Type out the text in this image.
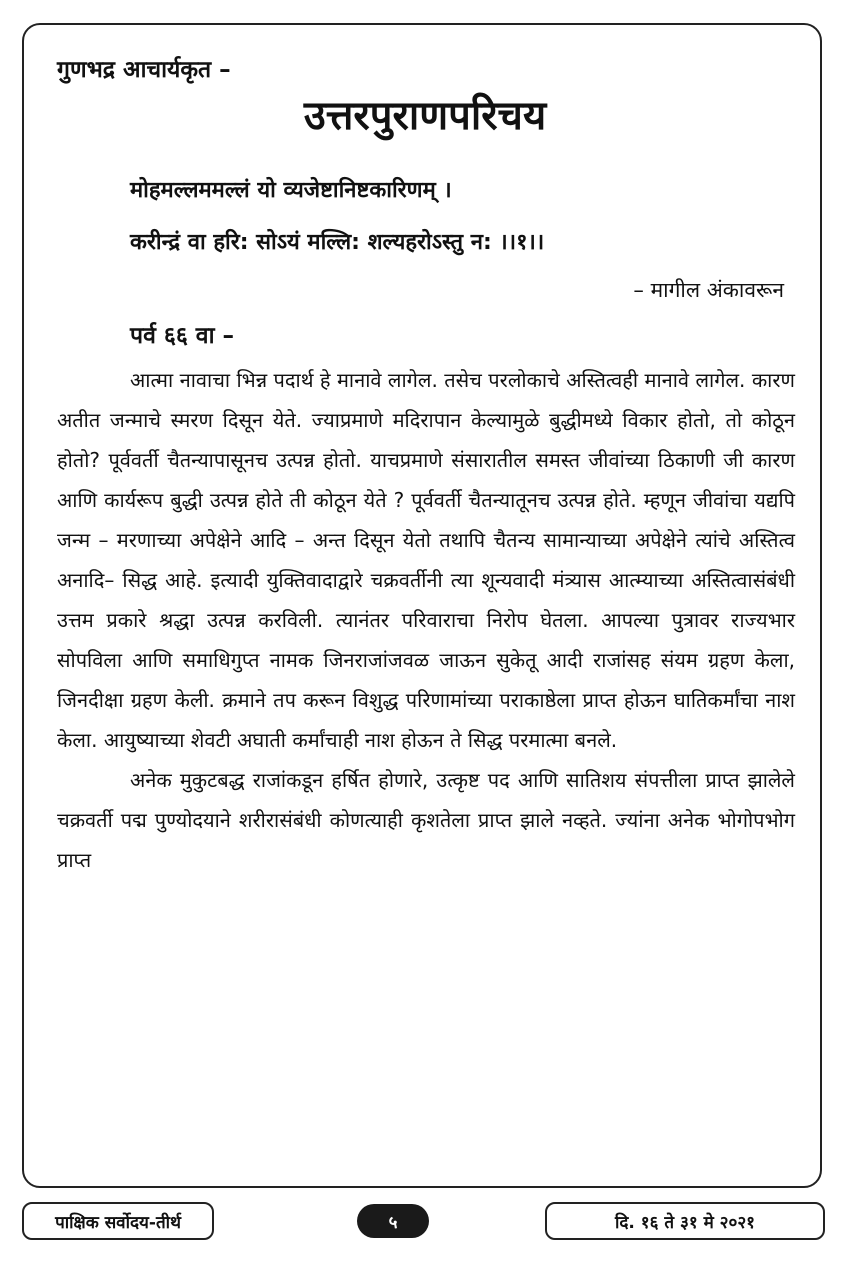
गुणभद्र आचार्यकृत –
उत्तरपुराणपरिचय
मोहमल्लममल्लं यो व्यजेष्टानिष्टकारिणम् ।
करीन्द्रं वा हरि: सोऽयं मल्लि: शल्यहरोऽस्तु न: ।।१।।
– मागील अंकावरून
पर्व ६६ वा –

आत्मा नावाचा भिन्न पदार्थ हे मानावे लागेल. तसेच परलोकाचे अस्तित्वही मानावे लागेल. कारण अतीत जन्माचे स्मरण दिसून येते. ज्याप्रमाणे मदिरापान केल्यामुळे बुद्धीमध्ये विकार होतो, तो कोठून होतो? पूर्ववर्ती चैतन्यापासूनच उत्पन्न होतो. याचप्रमाणे संसारातील समस्त जीवांच्या ठिकाणी जी कारण आणि कार्यरूप बुद्धी उत्पन्न होते ती कोठून येते ? पूर्ववर्ती चैतन्यातूनच उत्पन्न होते. म्हणून जीवांचा यद्यपि जन्म – मरणाच्या अपेक्षेने आदि – अन्त दिसून येतो तथापि चैतन्य सामान्याच्या अपेक्षेने त्यांचे अस्तित्व अनादि– सिद्ध आहे. इत्यादी युक्तिवादाद्वारे चक्रवर्तीनी त्या शून्यवादी मंत्र्यास आत्म्याच्या अस्तित्वासंबंधी उत्तम प्रकारे श्रद्धा उत्पन्न करविली. त्यानंतर परिवाराचा निरोप घेतला. आपल्या पुत्रावर राज्यभार सोपविला आणि समाधिगुप्त नामक जिनराजांजवळ जाऊन सुकेतू आदी राजांसह संयम ग्रहण केला, जिनदीक्षा ग्रहण केली. क्रमाने तप करून विशुद्ध परिणामांच्या पराकाष्ठेला प्राप्त होऊन घातिकर्मांचा नाश केला. आयुष्याच्या शेवटी अघाती कर्मांचाही नाश होऊन ते सिद्ध परमात्मा बनले.

अनेक मुकुटबद्ध राजांकडून हर्षित होणारे, उत्कृष्ट पद आणि सातिशय संपत्तीला प्राप्त झालेले चक्रवर्ती पद्म पुण्योदयाने शरीरासंबंधी कोणत्याही कृशतेला प्राप्त झाले नव्हते. ज्यांना अनेक भोगोपभोग प्राप्त

पाक्षिक सर्वोदय-तीर्थ	५	दि. १६ ते ३१ मे २०२१
